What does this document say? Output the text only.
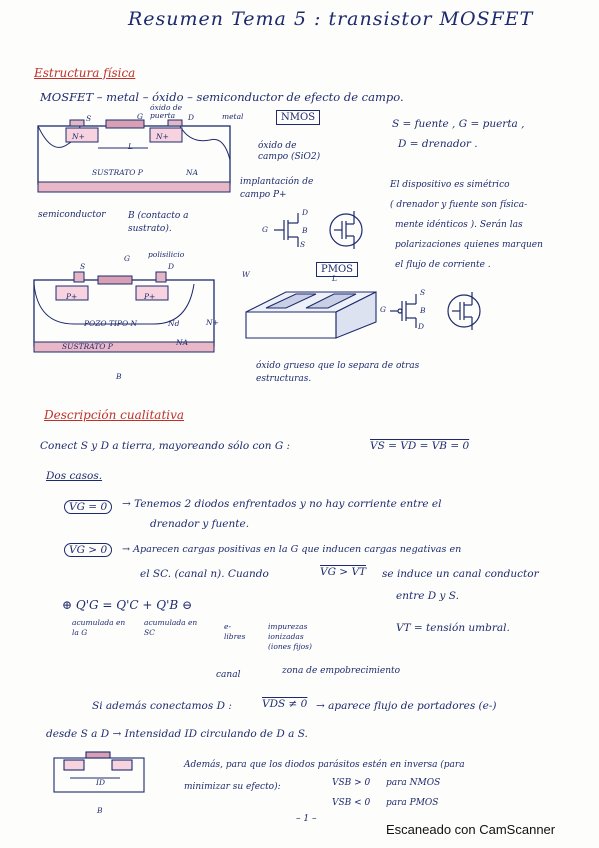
Resumen Tema 5 : transistor MOSFET
Estructura física
MOSFET – metal – óxido – semiconductor de efecto de campo.
NMOS
S	G	D
óxido de puerta	metal
N+	N+
L
SUSTRATO P	NA
óxido de campo (SiO2)
implantación de campo P+
semiconductor B (contacto a sustrato).
S = fuente , G = puerta ,
D = drenador .
El dispositivo es simétrico
( drenador y fuente son física-
mente idénticos ). Serán las
polarizaciones quienes marquen
el flujo de corriente .
G
D
B
S
PMOS
S
G
D
polisilicio
P+	P+
POZO TIPO N	Nd	N+
SUSTRATO P	NA
B
W	L
óxido grueso que lo separa de otras estructuras.
G
S
B
D
Descripción cualitativa
Conect S y D a tierra, mayoreando sólo con G :	VS = VD = VB = 0
Dos casos.
VG = 0	→ Tenemos 2 diodos enfrentados y no hay corriente entre el
drenador y fuente.
VG > 0	→ Aparecen cargas positivas en la G que inducen cargas negativas en
el SC. (canal n). Cuando	VG > VT se induce un canal conductor
entre D y S.
⊕ Q'G = Q'C + Q'B ⊖
acumulada en la G
acumulada en SC
e- libres
impurezas ionizadas (iones fijos)
VT = tensión umbral.
canal	zona de empobrecimiento
Si además conectamos D :	VDS ≠ 0 → aparece flujo de portadores (e-)
desde S a D → Intensidad ID circulando de D a S.
ID
B
Además, para que los diodos parásitos estén en inversa (para
minimizar su efecto):	VSB > 0 para NMOS
VSB < 0 para PMOS
– 1 –
Escaneado con CamScanner
